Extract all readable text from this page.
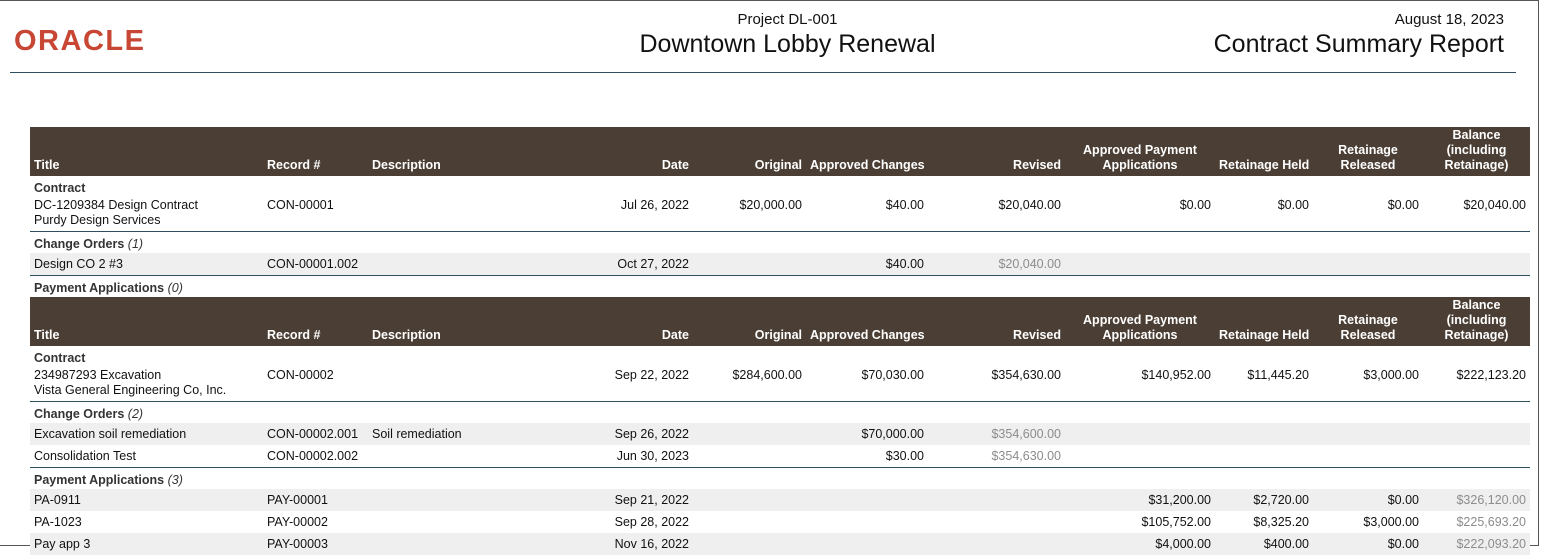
ORACLE
Project DL-001
Downtown Lobby Renewal
August 18, 2023
Contract Summary Report
Title	Record #	Description	Date	Original	Approved Changes	Revised	Approved Payment Applications	Retainage Held	Retainage Released	Balance (including Retainage)
Contract										

DC-1209384 Design Contract
Purdy Design Services	CON-00001		Jul 26, 2022	$20,000.00	$40.00	$20,040.00	$0.00	$0.00	$0.00	$20,040.00
Change Orders (1)										
Design CO 2 #3	CON-00001.002		Oct 27, 2022		$40.00	$20,040.00				
Payment Applications (0)										
Title	Record #	Description	Date	Original	Approved Changes	Revised	Approved Payment Applications	Retainage Held	Retainage Released	Balance (including Retainage)
Contract										

234987293 Excavation
Vista General Engineering Co, Inc.	CON-00002		Sep 22, 2022	$284,600.00	$70,030.00	$354,630.00	$140,952.00	$11,445.20	$3,000.00	$222,123.20
Change Orders (2)										
Excavation soil remediation	CON-00002.001	Soil remediation	Sep 26, 2022		$70,000.00	$354,600.00				
Consolidation Test	CON-00002.002		Jun 30, 2023		$30.00	$354,630.00				
Payment Applications (3)										
PA-0911	PAY-00001		Sep 21, 2022				$31,200.00	$2,720.00	$0.00	$326,120.00
PA-1023	PAY-00002		Sep 28, 2022				$105,752.00	$8,325.20	$3,000.00	$225,693.20
Pay app 3	PAY-00003		Nov 16, 2022				$4,000.00	$400.00	$0.00	$222,093.20
